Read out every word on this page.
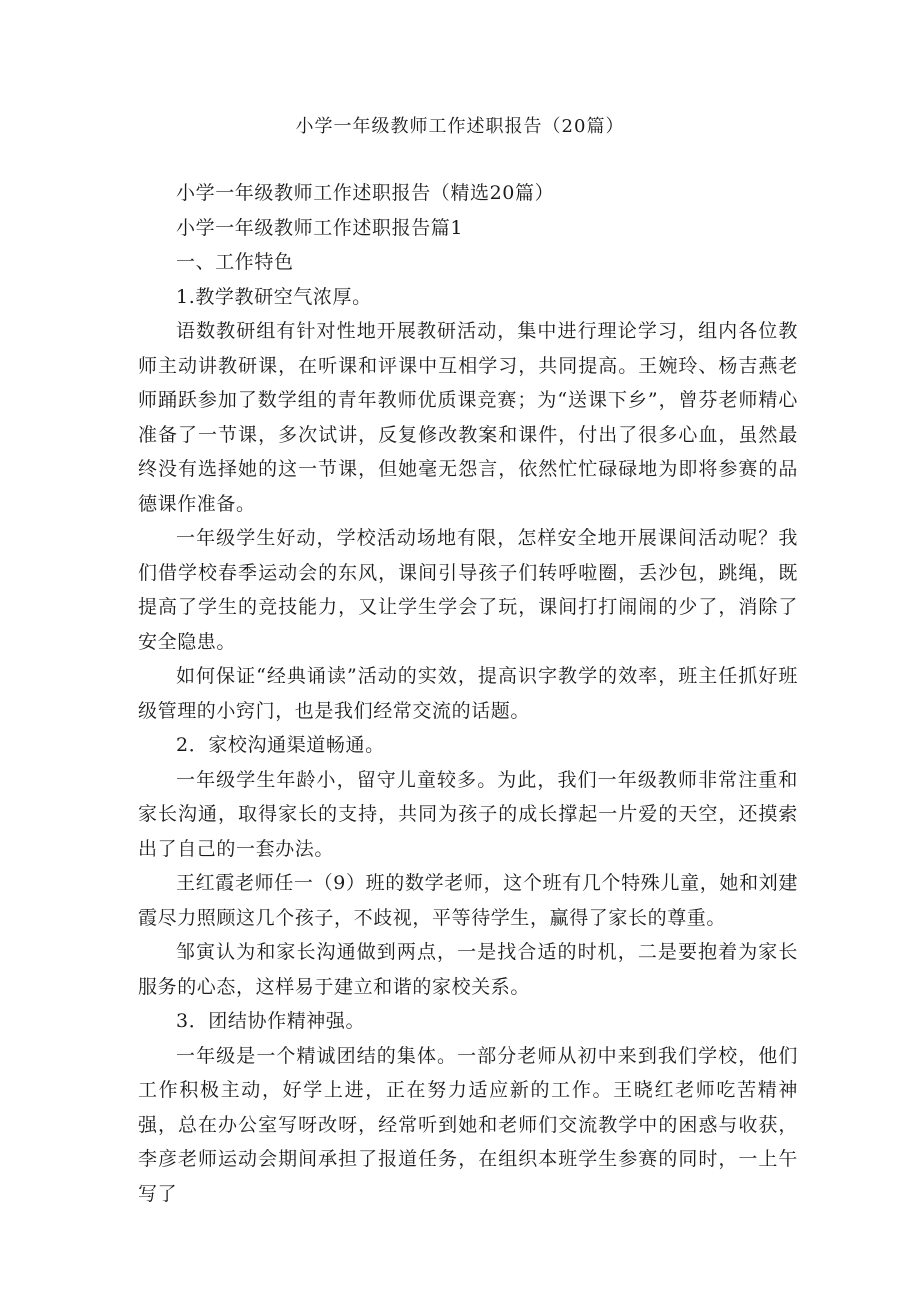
小学一年级教师工作述职报告（20篇）
小学一年级教师工作述职报告（精选20篇）
小学一年级教师工作述职报告篇1
一、工作特色
1.教学教研空气浓厚。

语数教研组有针对性地开展教研活动，集中进行理论学习，组内各位教师主动讲教研课，在听课和评课中互相学习，共同提高。王婉玲、杨吉燕老师踊跃参加了数学组的青年教师优质课竞赛；为“送课下乡”，曾芬老师精心准备了一节课，多次试讲，反复修改教案和课件，付出了很多心血，虽然最终没有选择她的这一节课，但她毫无怨言，依然忙忙碌碌地为即将参赛的品德课作准备。

一年级学生好动，学校活动场地有限，怎样安全地开展课间活动呢？我们借学校春季运动会的东风，课间引导孩子们转呼啦圈，丢沙包，跳绳，既提高了学生的竞技能力，又让学生学会了玩，课间打打闹闹的少了，消除了安全隐患。

如何保证“经典诵读”活动的实效，提高识字教学的效率，班主任抓好班级管理的小窍门，也是我们经常交流的话题。

2．家校沟通渠道畅通。

一年级学生年龄小，留守儿童较多。为此，我们一年级教师非常注重和家长沟通，取得家长的支持，共同为孩子的成长撑起一片爱的天空，还摸索出了自己的一套办法。

王红霞老师任一（9）班的数学老师，这个班有几个特殊儿童，她和刘建霞尽力照顾这几个孩子，不歧视，平等待学生，赢得了家长的尊重。

邹寅认为和家长沟通做到两点，一是找合适的时机，二是要抱着为家长服务的心态，这样易于建立和谐的家校关系。

3．团结协作精神强。

一年级是一个精诚团结的集体。一部分老师从初中来到我们学校，他们工作积极主动，好学上进，正在努力适应新的工作。王晓红老师吃苦精神强，总在办公室写呀改呀，经常听到她和老师们交流教学中的困惑与收获，李彦老师运动会期间承担了报道任务，在组织本班学生参赛的同时，一上午写了
